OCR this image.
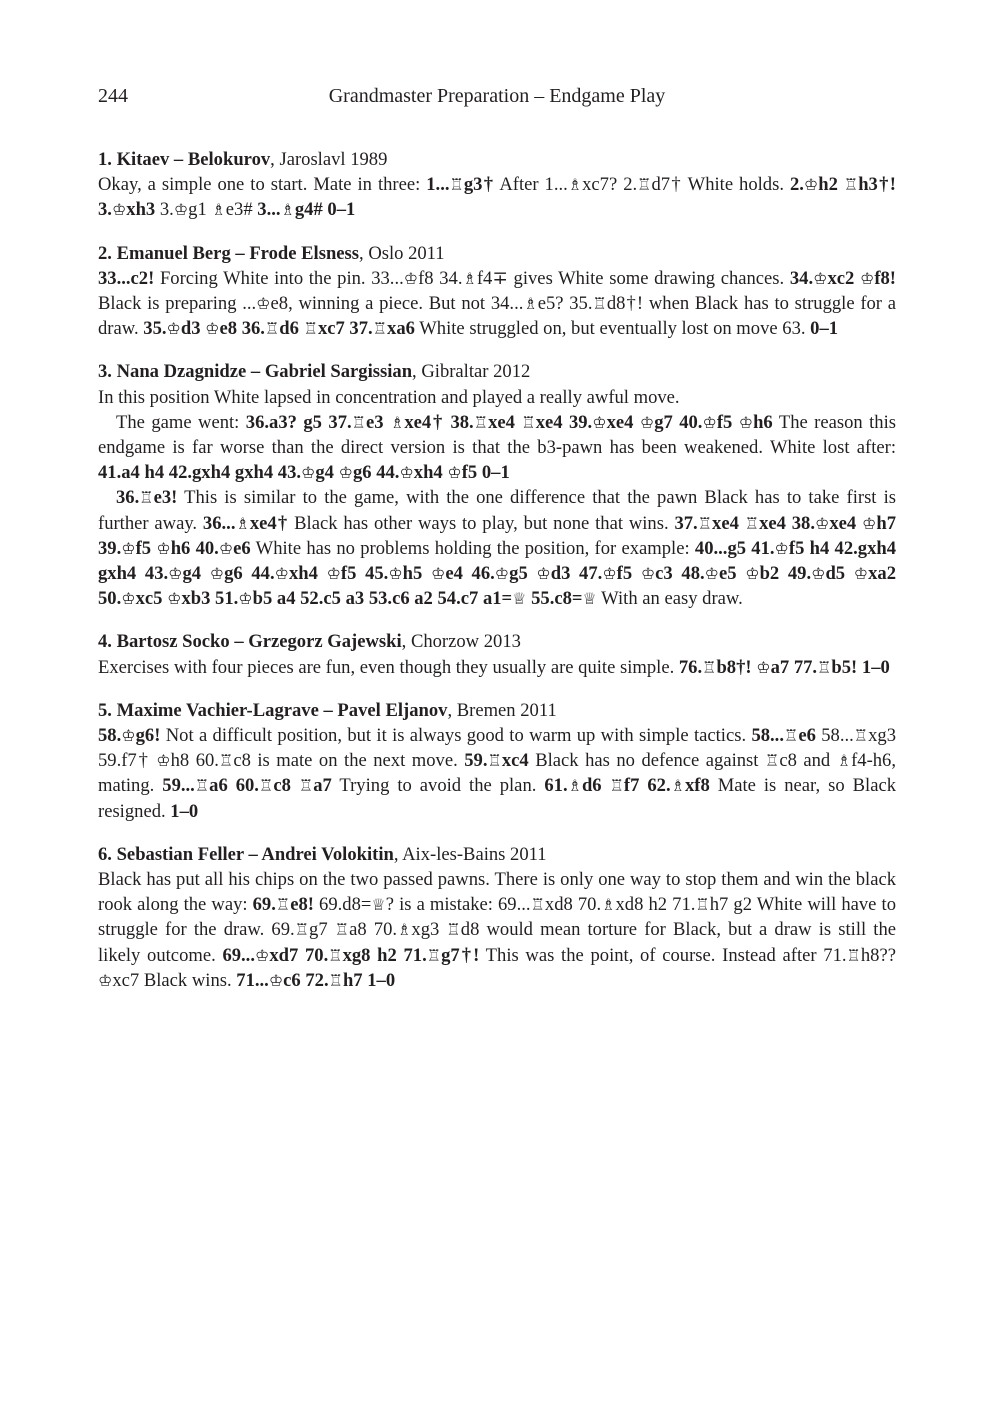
244	Grandmaster Preparation – Endgame Play

1. Kitaev – Belokurov, Jaroslavl 1989

Okay, a simple one to start. Mate in three: 1...♖g3† After 1...♗xc7? 2.♖d7† White holds. 2.♔h2 ♖h3†! 3.♔xh3 3.♔g1 ♗e3# 3...♗g4# 0–1

2. Emanuel Berg – Frode Elsness, Oslo 2011

33...c2! Forcing White into the pin. 33...♔f8 34.♗f4∓ gives White some drawing chances. 34.♔xc2 ♔f8! Black is preparing ...♔e8, winning a piece. But not 34...♗e5? 35.♖d8†! when Black has to struggle for a draw. 35.♔d3 ♔e8 36.♖d6 ♖xc7 37.♖xa6 White struggled on, but eventually lost on move 63. 0–1

3. Nana Dzagnidze – Gabriel Sargissian, Gibraltar 2012

In this position White lapsed in concentration and played a really awful move.

The game went: 36.a3? g5 37.♖e3 ♗xe4† 38.♖xe4 ♖xe4 39.♔xe4 ♔g7 40.♔f5 ♔h6 The reason this endgame is far worse than the direct version is that the b3-pawn has been weakened. White lost after: 41.a4 h4 42.gxh4 gxh4 43.♔g4 ♔g6 44.♔xh4 ♔f5 0–1

36.♖e3! This is similar to the game, with the one difference that the pawn Black has to take first is further away. 36...♗xe4† Black has other ways to play, but none that wins. 37.♖xe4 ♖xe4 38.♔xe4 ♔h7 39.♔f5 ♔h6 40.♔e6 White has no problems holding the position, for example: 40...g5 41.♔f5 h4 42.gxh4 gxh4 43.♔g4 ♔g6 44.♔xh4 ♔f5 45.♔h5 ♔e4 46.♔g5 ♔d3 47.♔f5 ♔c3 48.♔e5 ♔b2 49.♔d5 ♔xa2 50.♔xc5 ♔xb3 51.♔b5 a4 52.c5 a3 53.c6 a2 54.c7 a1=♕ 55.c8=♕ With an easy draw.

4. Bartosz Socko – Grzegorz Gajewski, Chorzow 2013

Exercises with four pieces are fun, even though they usually are quite simple. 76.♖b8†! ♔a7 77.♖b5! 1–0

5. Maxime Vachier-Lagrave – Pavel Eljanov, Bremen 2011

58.♔g6! Not a difficult position, but it is always good to warm up with simple tactics. 58...♖e6 58...♖xg3 59.f7† ♔h8 60.♖c8 is mate on the next move. 59.♖xc4 Black has no defence against ♖c8 and ♗f4-h6, mating. 59...♖a6 60.♖c8 ♖a7 Trying to avoid the plan. 61.♗d6 ♖f7 62.♗xf8 Mate is near, so Black resigned. 1–0

6. Sebastian Feller – Andrei Volokitin, Aix-les-Bains 2011

Black has put all his chips on the two passed pawns. There is only one way to stop them and win the black rook along the way: 69.♖e8! 69.d8=♕? is a mistake: 69...♖xd8 70.♗xd8 h2 71.♖h7 g2 White will have to struggle for the draw. 69.♖g7 ♖a8 70.♗xg3 ♖d8 would mean torture for Black, but a draw is still the likely outcome. 69...♔xd7 70.♖xg8 h2 71.♖g7†! This was the point, of course. Instead after 71.♖h8?? ♔xc7 Black wins. 71...♔c6 72.♖h7 1–0
